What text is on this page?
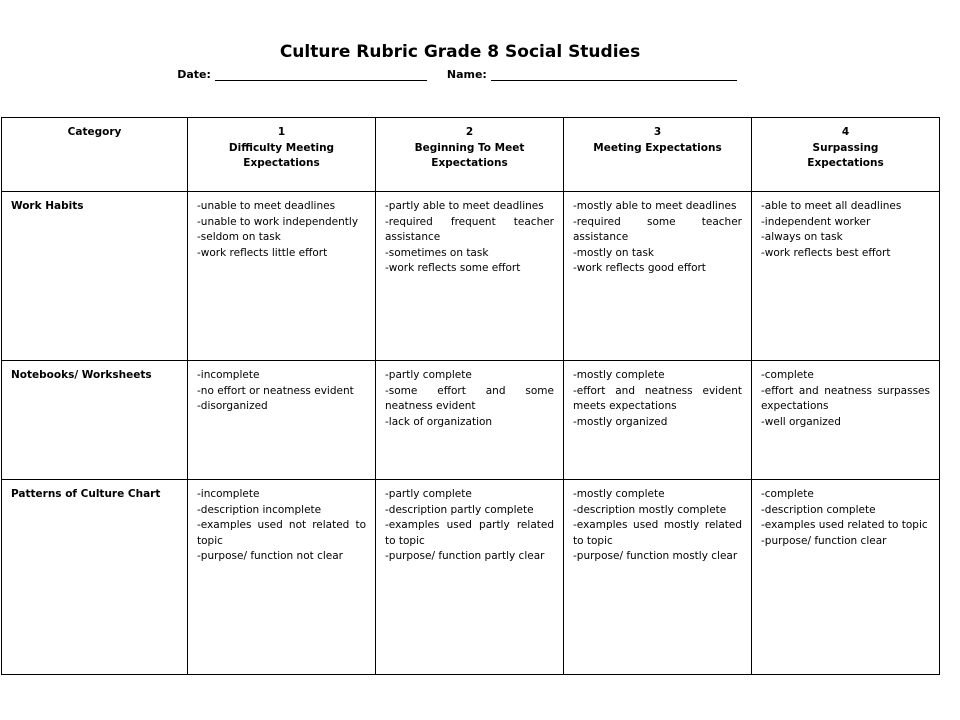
Culture Rubric Grade 8 Social Studies
Date:	Name:
Category	1
Difficulty Meeting
Expectations	2
Beginning To Meet
Expectations	3
Meeting Expectations	4
Surpassing
Expectations

Work Habits	-unable to meet deadlines
-unable to work independently
-seldom on task
-work reflects little effort	-partly able to meet deadlines
-required frequent teacher assistance
-sometimes on task
-work reflects some effort	-mostly able to meet deadlines
-required some teacher assistance
-mostly on task
-work reflects good effort	-able to meet all deadlines
-independent worker
-always on task
-work reflects best effort

Notebooks/ Worksheets	-incomplete
-no effort or neatness evident
-disorganized	-partly complete
-some effort and some neatness evident
-lack of organization	-mostly complete
-effort and neatness evident meets expectations
-mostly organized	-complete
-effort and neatness surpasses expectations
-well organized

Patterns of Culture Chart	-incomplete
-description incomplete
-examples used not related to topic
-purpose/ function not clear	-partly complete
-description partly complete
-examples used partly related to topic
-purpose/ function partly clear	-mostly complete
-description mostly complete
-examples used mostly related to topic
-purpose/ function mostly clear	-complete
-description complete
-examples used related to topic
-purpose/ function clear
